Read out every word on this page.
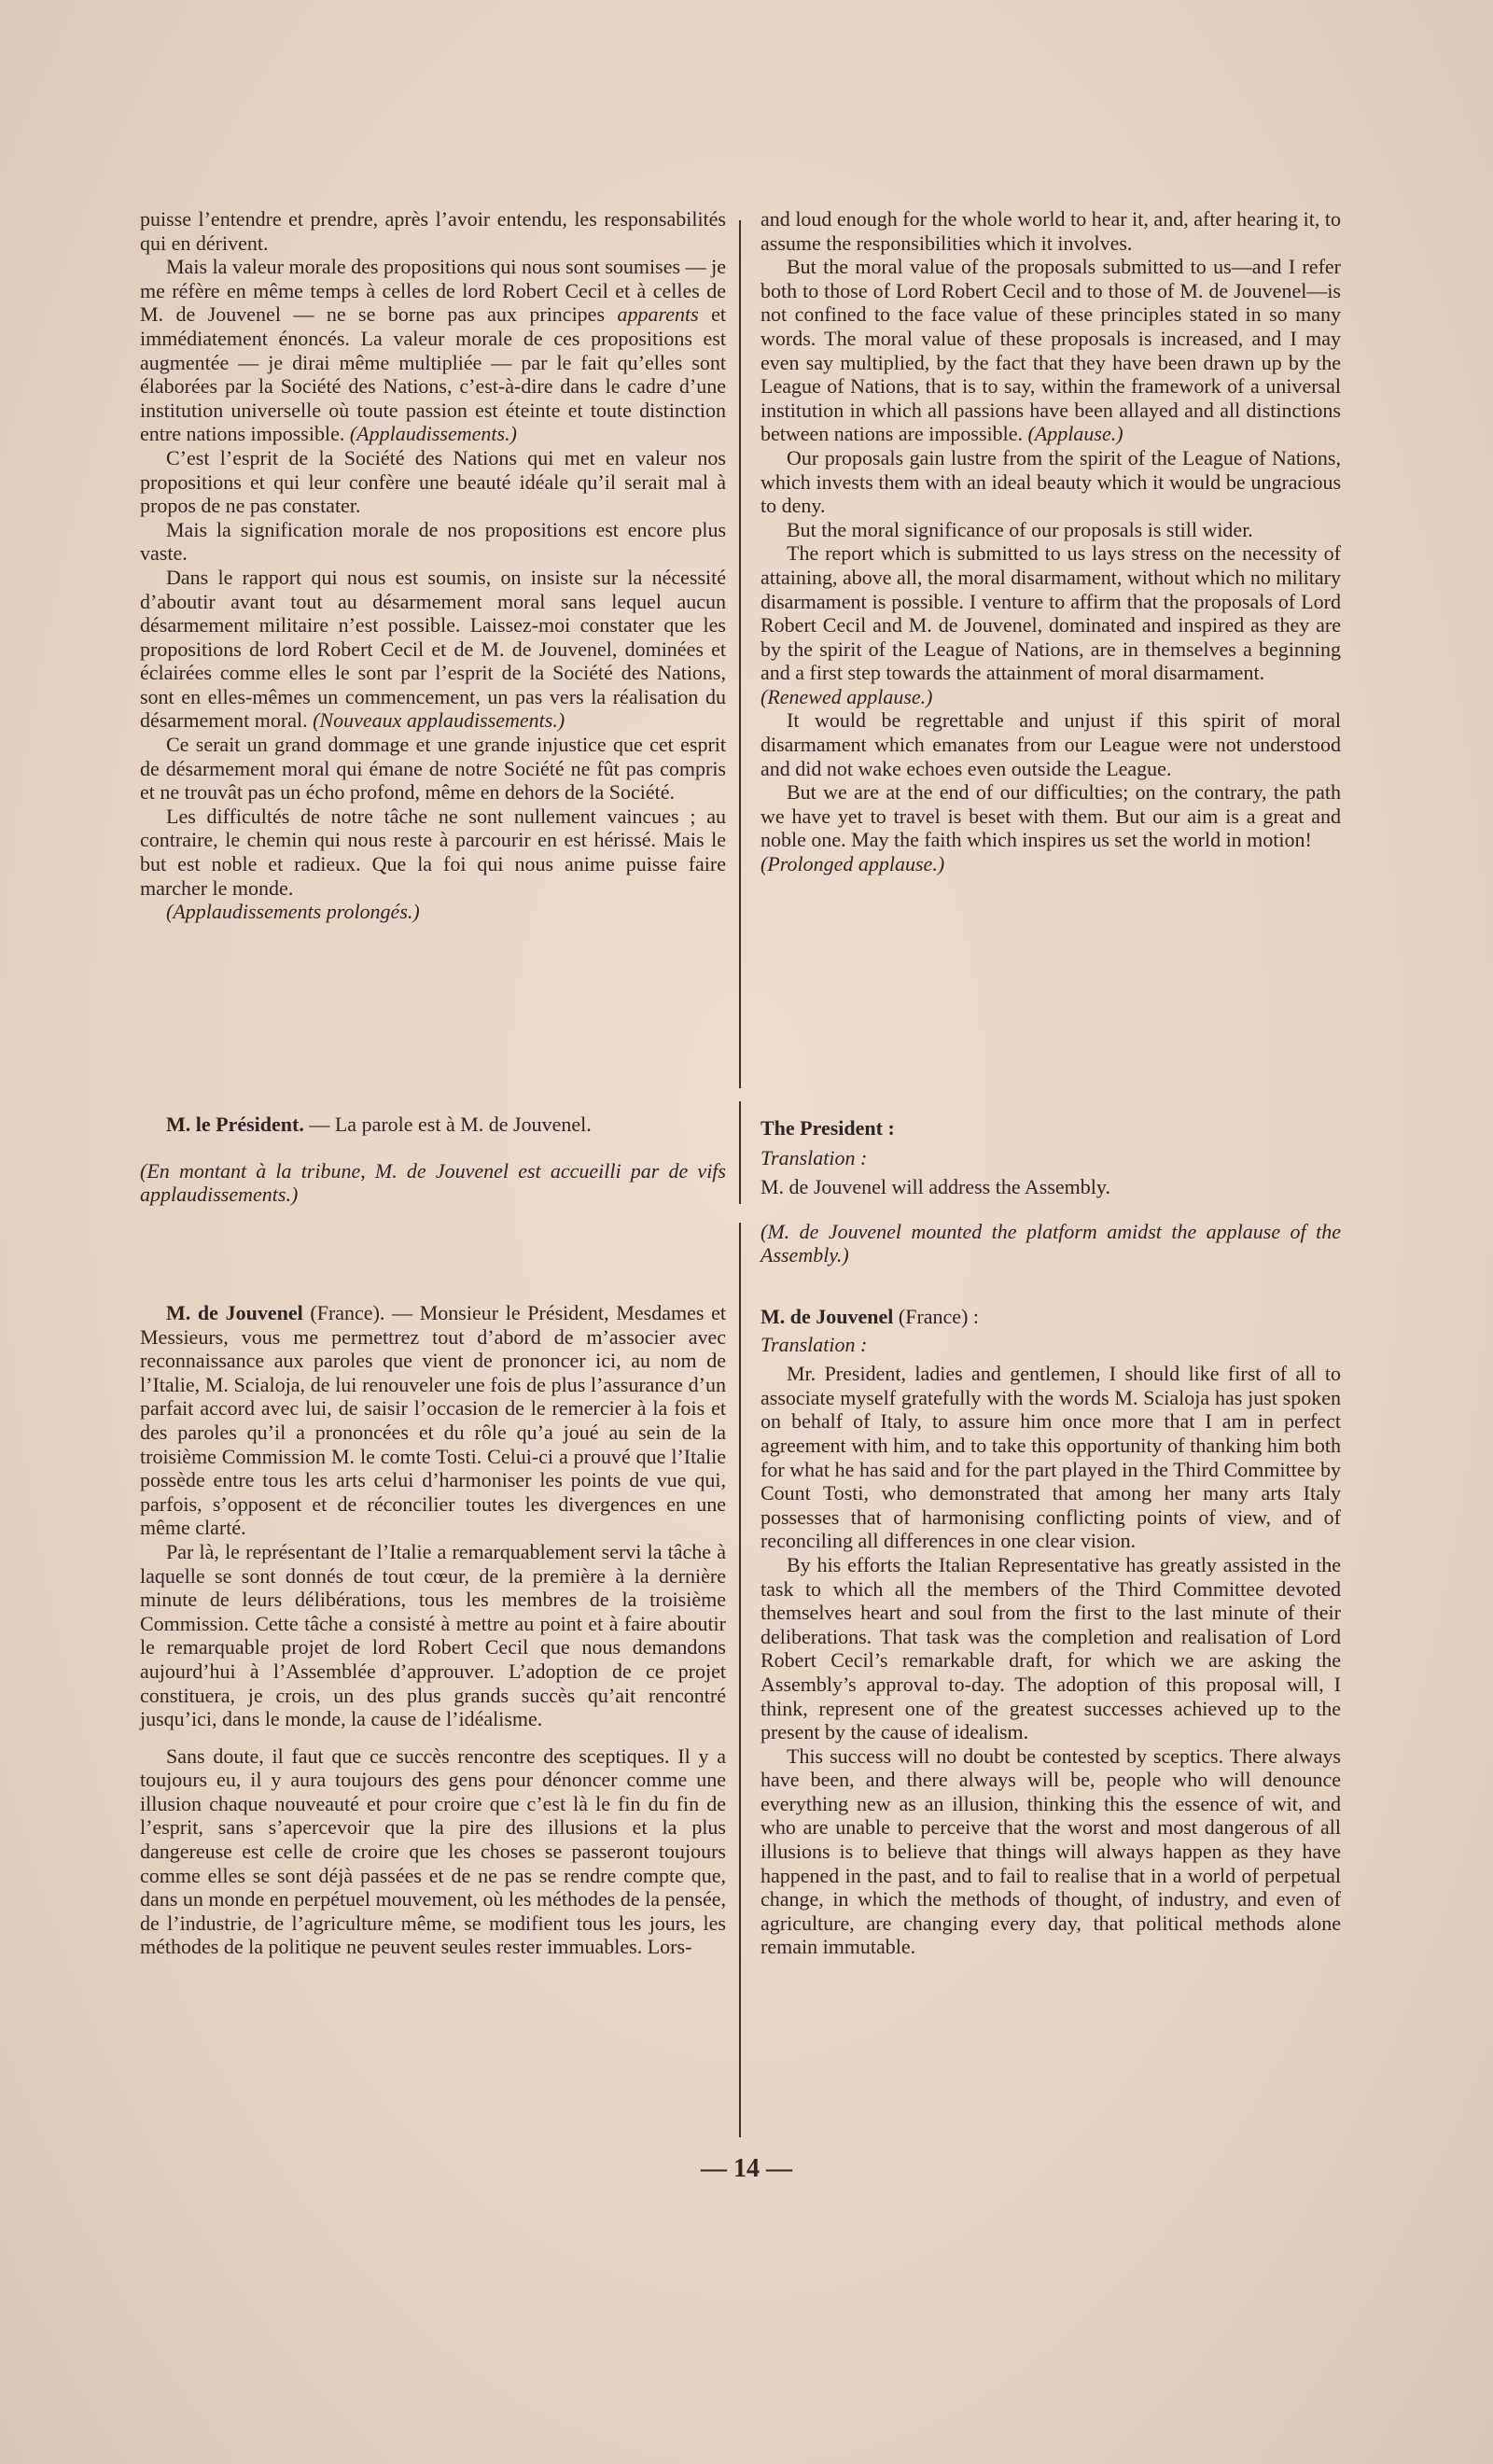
puisse l’entendre et prendre, après l’avoir entendu, les responsabilités qui en dérivent.

Mais la valeur morale des propositions qui nous sont soumises — je me réfère en même temps à celles de lord Robert Cecil et à celles de M. de Jouvenel — ne se borne pas aux principes apparents et immédiatement énoncés. La valeur morale de ces propositions est augmentée — je dirai même multipliée — par le fait qu’elles sont élaborées par la Société des Nations, c’est-à-dire dans le cadre d’une institution universelle où toute passion est éteinte et toute distinction entre nations impossible. (Applaudissements.)

C’est l’esprit de la Société des Nations qui met en valeur nos propositions et qui leur confère une beauté idéale qu’il serait mal à propos de ne pas constater.

Mais la signification morale de nos propositions est encore plus vaste.

Dans le rapport qui nous est soumis, on insiste sur la nécessité d’aboutir avant tout au désarmement moral sans lequel aucun désarmement militaire n’est possible. Laissez-moi constater que les propositions de lord Robert Cecil et de M. de Jouvenel, dominées et éclairées comme elles le sont par l’esprit de la Société des Nations, sont en elles-mêmes un commencement, un pas vers la réalisation du désarmement moral. (Nouveaux applaudissements.)

Ce serait un grand dommage et une grande injustice que cet esprit de désarmement moral qui émane de notre Société ne fût pas compris et ne trouvât pas un écho profond, même en dehors de la Société.

Les difficultés de notre tâche ne sont nullement vaincues ; au contraire, le chemin qui nous reste à parcourir en est hérissé. Mais le but est noble et radieux. Que la foi qui nous anime puisse faire marcher le monde.

(Applaudissements prolongés.)

M. le Président. — La parole est à M. de Jouvenel.

(En montant à la tribune, M. de Jouvenel est accueilli par de vifs applaudissements.)

M. de Jouvenel (France). — Monsieur le Président, Mesdames et Messieurs, vous me permettrez tout d’abord de m’associer avec reconnaissance aux paroles que vient de prononcer ici, au nom de l’Italie, M. Scialoja, de lui renouveler une fois de plus l’assurance d’un parfait accord avec lui, de saisir l’occasion de le remercier à la fois et des paroles qu’il a prononcées et du rôle qu’a joué au sein de la troisième Commission M. le comte Tosti. Celui-ci a prouvé que l’Italie possède entre tous les arts celui d’harmoniser les points de vue qui, parfois, s’opposent et de réconcilier toutes les divergences en une même clarté.

Par là, le représentant de l’Italie a remarquablement servi la tâche à laquelle se sont donnés de tout cœur, de la première à la dernière minute de leurs délibérations, tous les membres de la troisième Commission. Cette tâche a consisté à mettre au point et à faire aboutir le remarquable projet de lord Robert Cecil que nous demandons aujourd’hui à l’Assemblée d’approuver. L’adoption de ce projet constituera, je crois, un des plus grands succès qu’ait rencontré jusqu’ici, dans le monde, la cause de l’idéalisme.

Sans doute, il faut que ce succès rencontre des sceptiques. Il y a toujours eu, il y aura toujours des gens pour dénoncer comme une illusion chaque nouveauté et pour croire que c’est là le fin du fin de l’esprit, sans s’apercevoir que la pire des illusions et la plus dangereuse est celle de croire que les choses se passeront toujours comme elles se sont déjà passées et de ne pas se rendre compte que, dans un monde en perpétuel mouvement, où les méthodes de la pensée, de l’industrie, de l’agriculture même, se modifient tous les jours, les méthodes de la politique ne peuvent seules rester immuables. Lors-

and loud enough for the whole world to hear it, and, after hearing it, to assume the responsibilities which it involves.

But the moral value of the proposals submitted to us—and I refer both to those of Lord Robert Cecil and to those of M. de Jouvenel—is not confined to the face value of these principles stated in so many words. The moral value of these proposals is increased, and I may even say multiplied, by the fact that they have been drawn up by the League of Nations, that is to say, within the framework of a universal institution in which all passions have been allayed and all distinctions between nations are impossible. (Applause.)

Our proposals gain lustre from the spirit of the League of Nations, which invests them with an ideal beauty which it would be ungracious to deny.

But the moral significance of our proposals is still wider.

The report which is submitted to us lays stress on the necessity of attaining, above all, the moral disarmament, without which no military disarmament is possible. I venture to affirm that the proposals of Lord Robert Cecil and M. de Jouvenel, dominated and inspired as they are by the spirit of the League of Nations, are in themselves a beginning and a first step towards the attainment of moral disarmament.

(Renewed applause.)

It would be regrettable and unjust if this spirit of moral disarmament which emanates from our League were not understood and did not wake echoes even outside the League.

But we are at the end of our difficulties; on the contrary, the path we have yet to travel is beset with them. But our aim is a great and noble one. May the faith which inspires us set the world in motion!

(Prolonged applause.)

The President :

Translation :

M. de Jouvenel will address the Assembly.

(M. de Jouvenel mounted the platform amidst the applause of the Assembly.)

M. de Jouvenel (France) :

Translation :

Mr. President, ladies and gentlemen, I should like first of all to associate myself gratefully with the words M. Scialoja has just spoken on behalf of Italy, to assure him once more that I am in perfect agreement with him, and to take this opportunity of thanking him both for what he has said and for the part played in the Third Committee by Count Tosti, who demonstrated that among her many arts Italy possesses that of harmonising conflicting points of view, and of reconciling all differences in one clear vision.

By his efforts the Italian Representative has greatly assisted in the task to which all the members of the Third Committee devoted themselves heart and soul from the first to the last minute of their deliberations. That task was the completion and realisation of Lord Robert Cecil’s remarkable draft, for which we are asking the Assembly’s approval to-day. The adoption of this proposal will, I think, represent one of the greatest successes achieved up to the present by the cause of idealism.

This success will no doubt be contested by sceptics. There always have been, and there always will be, people who will denounce everything new as an illusion, thinking this the essence of wit, and who are unable to perceive that the worst and most dangerous of all illusions is to believe that things will always happen as they have happened in the past, and to fail to realise that in a world of perpetual change, in which the methods of thought, of industry, and even of agriculture, are changing every day, that political methods alone remain immutable.

— 14 —
